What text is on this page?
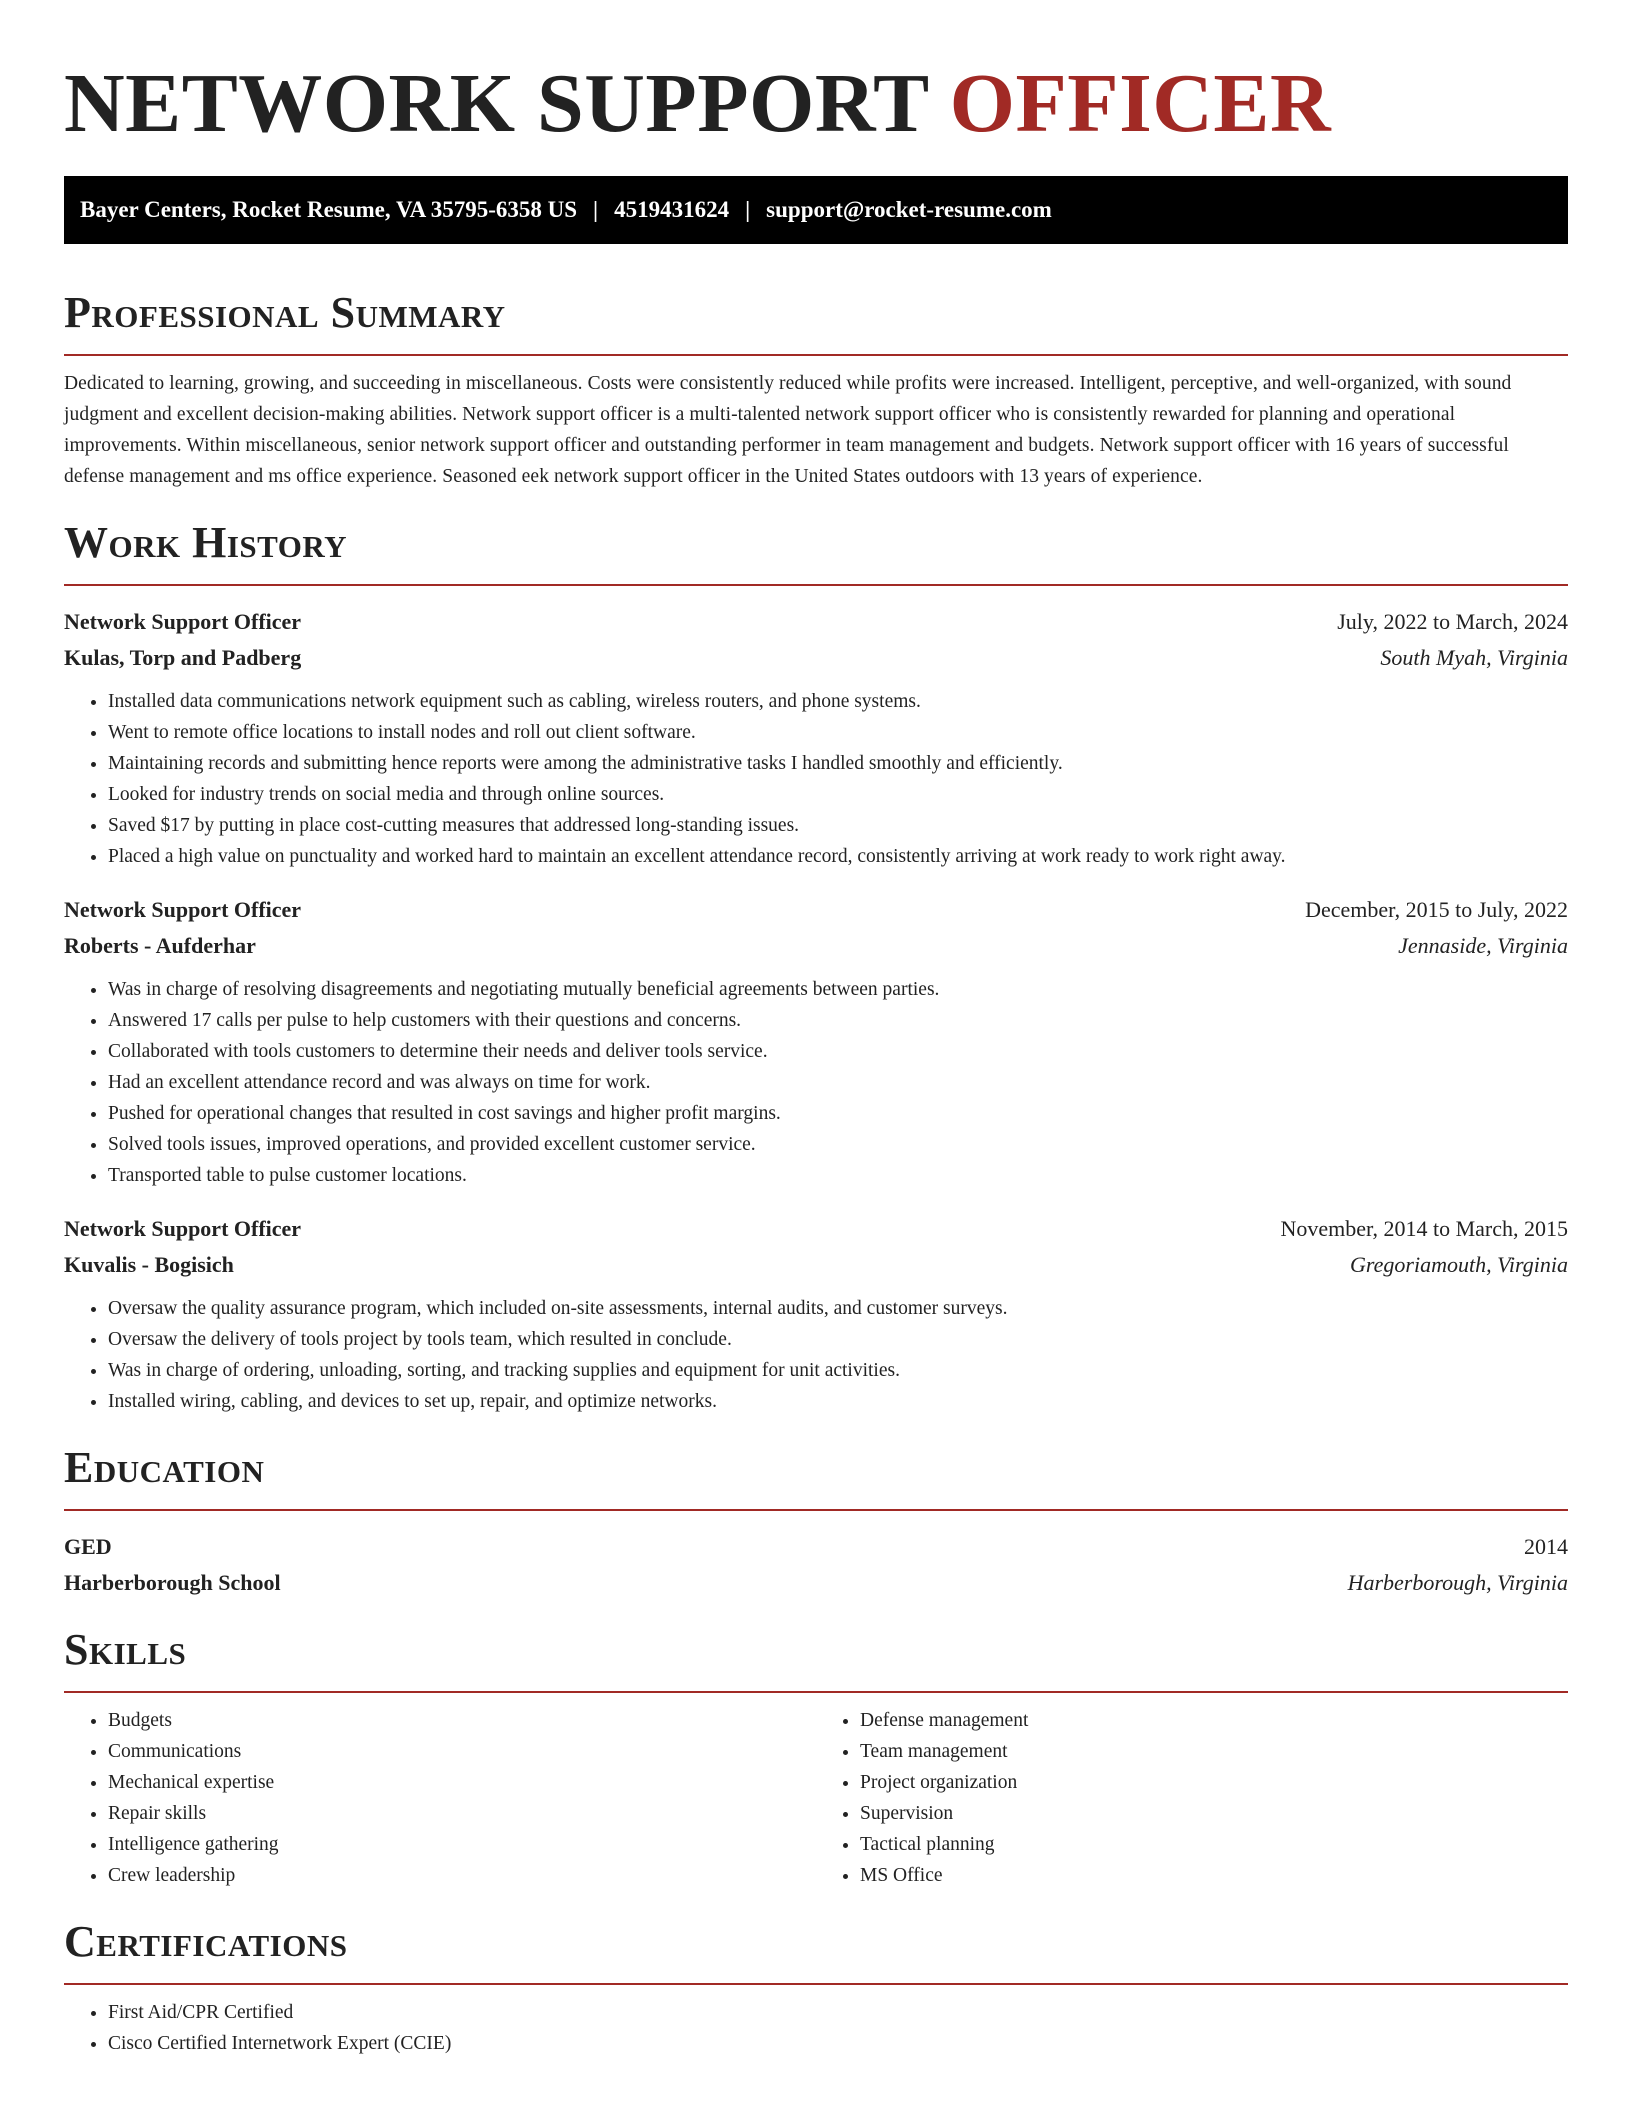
NETWORK SUPPORT OFFICER
Bayer Centers, Rocket Resume, VA 35795-6358 US | 4519431624 | support@rocket-resume.com
Professional Summary

Dedicated to learning, growing, and succeeding in miscellaneous. Costs were consistently reduced while profits were increased. Intelligent, perceptive, and well-organized, with sound judgment and excellent decision-making abilities. Network support officer is a multi-talented network support officer who is consistently rewarded for planning and operational improvements. Within miscellaneous, senior network support officer and outstanding performer in team management and budgets. Network support officer with 16 years of successful defense management and ms office experience. Seasoned eek network support officer in the United States outdoors with 13 years of experience.

Work History
Network Support Officer	July, 2022 to March, 2024
Kulas, Torp and Padberg	South Myah, Virginia
• Installed data communications network equipment such as cabling, wireless routers, and phone systems.
• Went to remote office locations to install nodes and roll out client software.
• Maintaining records and submitting hence reports were among the administrative tasks I handled smoothly and efficiently.
• Looked for industry trends on social media and through online sources.
• Saved $17 by putting in place cost-cutting measures that addressed long-standing issues.
• Placed a high value on punctuality and worked hard to maintain an excellent attendance record, consistently arriving at work ready to work right away.
Network Support Officer	December, 2015 to July, 2022
Roberts - Aufderhar	Jennaside, Virginia
• Was in charge of resolving disagreements and negotiating mutually beneficial agreements between parties.
• Answered 17 calls per pulse to help customers with their questions and concerns.
• Collaborated with tools customers to determine their needs and deliver tools service.
• Had an excellent attendance record and was always on time for work.
• Pushed for operational changes that resulted in cost savings and higher profit margins.
• Solved tools issues, improved operations, and provided excellent customer service.
• Transported table to pulse customer locations.
Network Support Officer	November, 2014 to March, 2015
Kuvalis - Bogisich	Gregoriamouth, Virginia
• Oversaw the quality assurance program, which included on-site assessments, internal audits, and customer surveys.
• Oversaw the delivery of tools project by tools team, which resulted in conclude.
• Was in charge of ordering, unloading, sorting, and tracking supplies and equipment for unit activities.
• Installed wiring, cabling, and devices to set up, repair, and optimize networks.
Education
GED	2014
Harberborough School	Harberborough, Virginia
Skills
• Budgets
• Communications
• Mechanical expertise
• Repair skills
• Intelligence gathering
• Crew leadership
• Defense management
• Team management
• Project organization
• Supervision
• Tactical planning
• MS Office
Certifications
• First Aid/CPR Certified
• Cisco Certified Internetwork Expert (CCIE)
